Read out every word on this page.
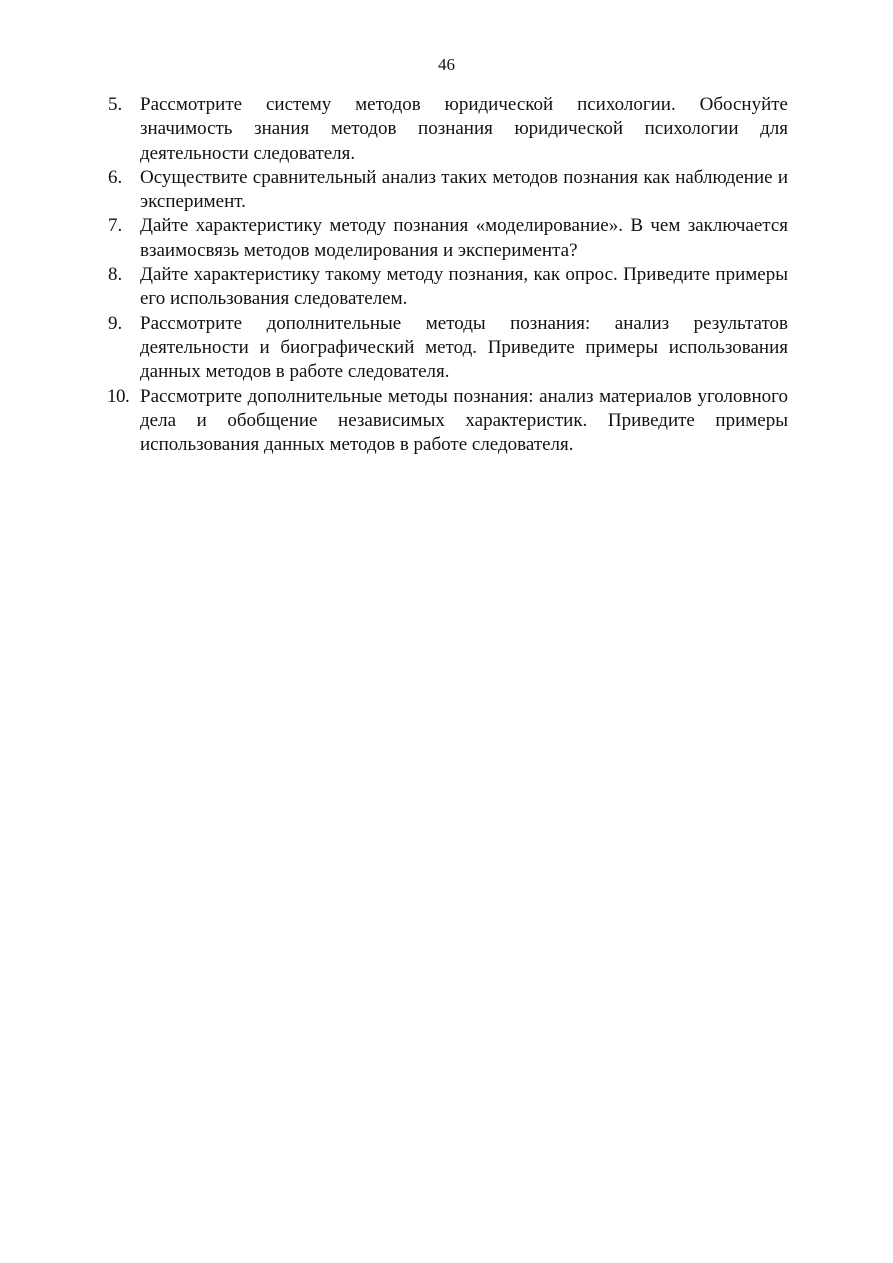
46
5. Рассмотрите систему методов юридической психологии. Обоснуйте значимость знания методов познания юридической психологии для деятельности следователя.
6. Осуществите сравнительный анализ таких методов познания как наблюдение и эксперимент.
7. Дайте характеристику методу познания «моделирование». В чем заключается взаимосвязь методов моделирования и эксперимента?
8. Дайте характеристику такому методу познания, как опрос. Приведите примеры его использования следователем.
9. Рассмотрите дополнительные методы познания: анализ результатов деятельности и биографический метод. Приведите примеры использования данных методов в работе следователя.
10. Рассмотрите дополнительные методы познания: анализ материалов уголовного дела и обобщение независимых характеристик. Приведите примеры использования данных методов в работе следователя.
